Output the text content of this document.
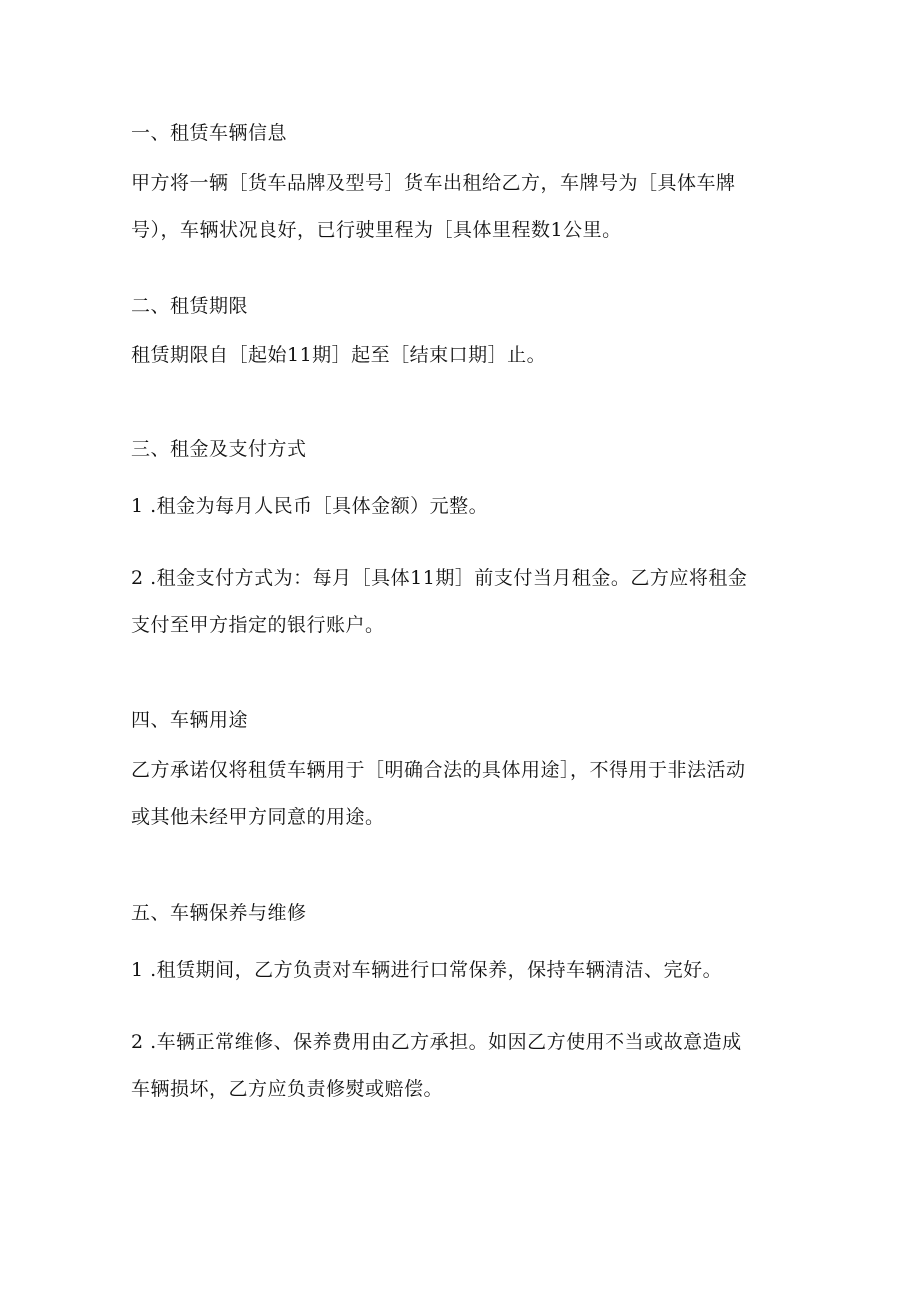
一、租赁车辆信息
甲方将一辆［货车品牌及型号］货车出租给乙方，车牌号为［具体车牌
号），车辆状况良好，已行驶里程为［具体里程数1公里。
二、租赁期限
租赁期限自［起始11期］起至［结束口期］止。
三、租金及支付方式
1 .租金为每月人民币［具体金额）元整。
2 .租金支付方式为：每月［具体11期］前支付当月租金。乙方应将租金
支付至甲方指定的银行账户。
四、车辆用途
乙方承诺仅将租赁车辆用于［明确合法的具体用途］，不得用于非法活动
或其他未经甲方同意的用途。
五、车辆保养与维修
1 .租赁期间，乙方负责对车辆进行口常保养，保持车辆清洁、完好。
2 .车辆正常维修、保养费用由乙方承担。如因乙方使用不当或故意造成
车辆损坏，乙方应负责修熨或赔偿。
